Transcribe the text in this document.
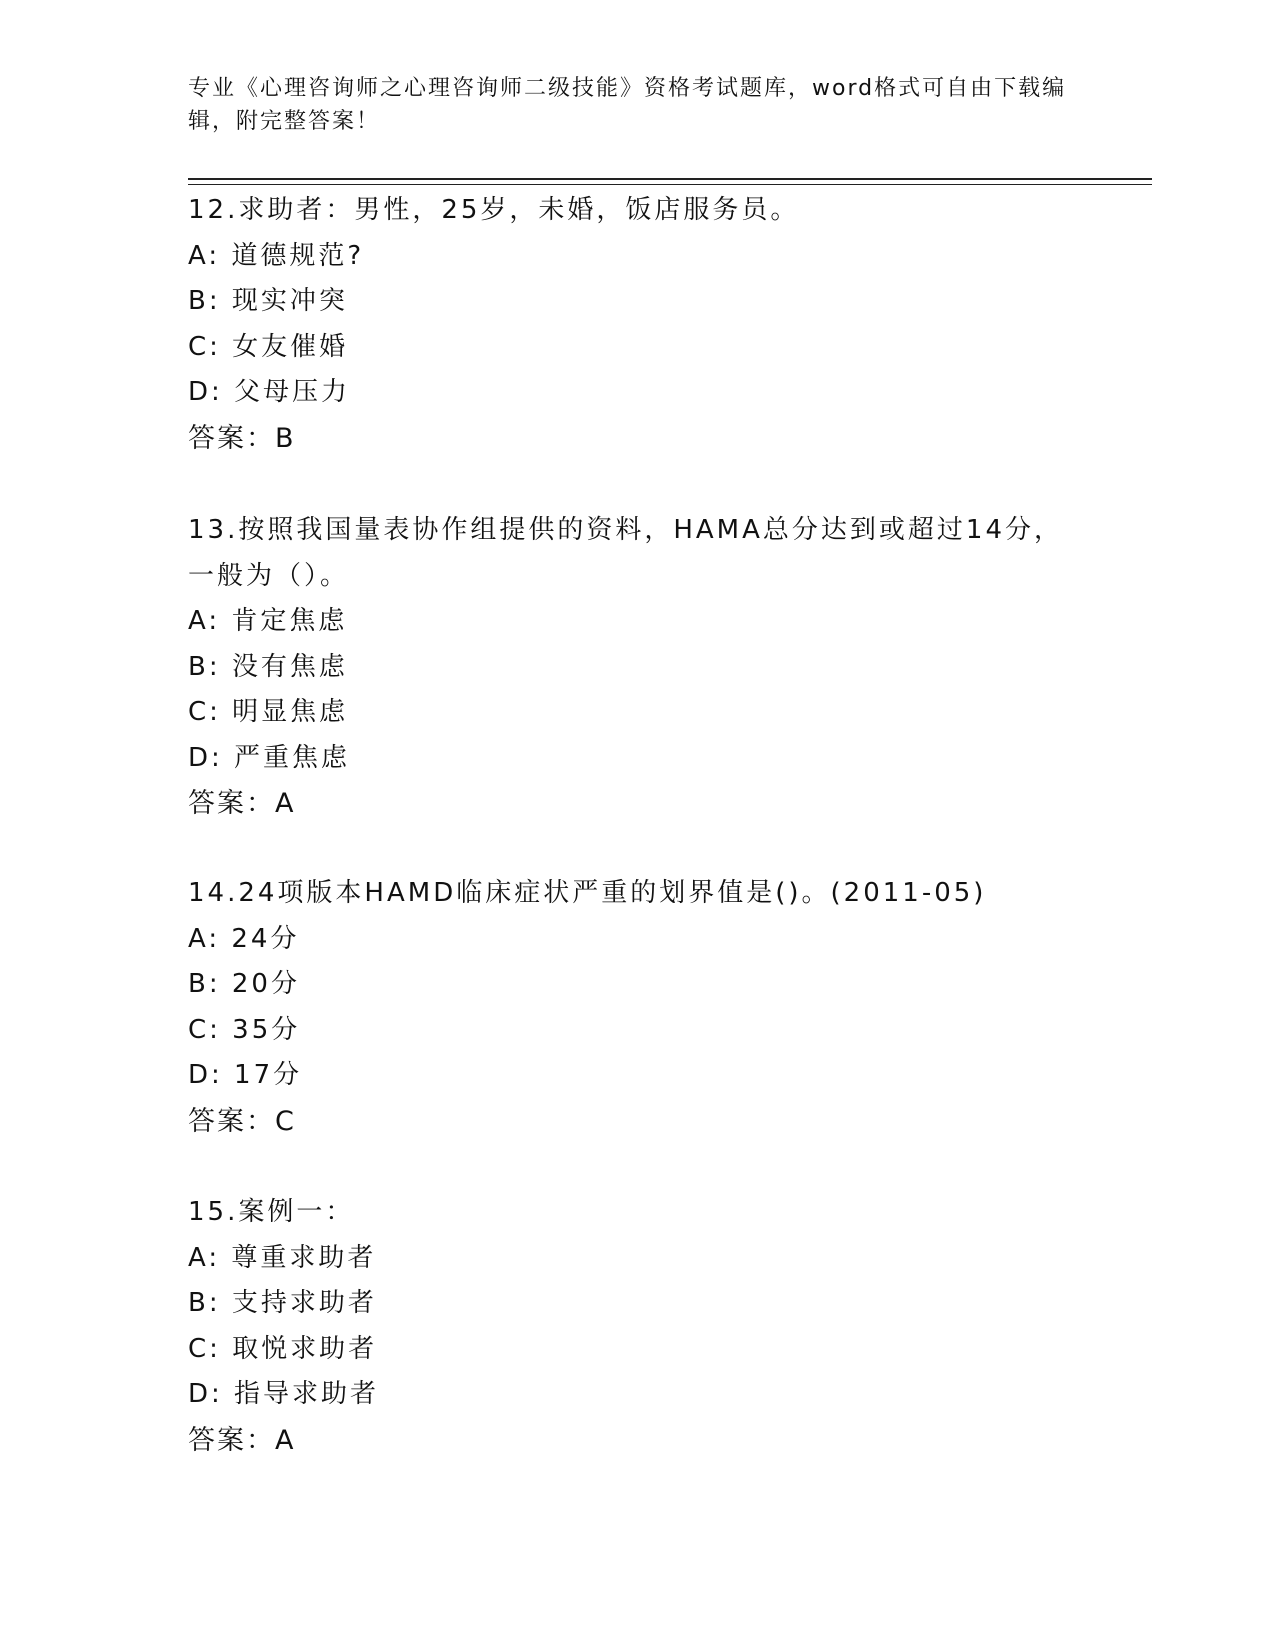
专业《心理咨询师之心理咨询师二级技能》资格考试题库，word格式可自由下载编辑，附完整答案！
12.求助者：男性，25岁，未婚，饭店服务员。
A: 道德规范?
B: 现实冲突
C: 女友催婚
D: 父母压力
答案：B
13.按照我国量表协作组提供的资料，HAMA总分达到或超过14分，一般为（）。
A: 肯定焦虑
B: 没有焦虑
C: 明显焦虑
D: 严重焦虑
答案：A
14.24项版本HAMD临床症状严重的划界值是()。(2011-05)
A: 24分
B: 20分
C: 35分
D: 17分
答案：C
15.案例一：
A: 尊重求助者
B: 支持求助者
C: 取悦求助者
D: 指导求助者
答案：A
